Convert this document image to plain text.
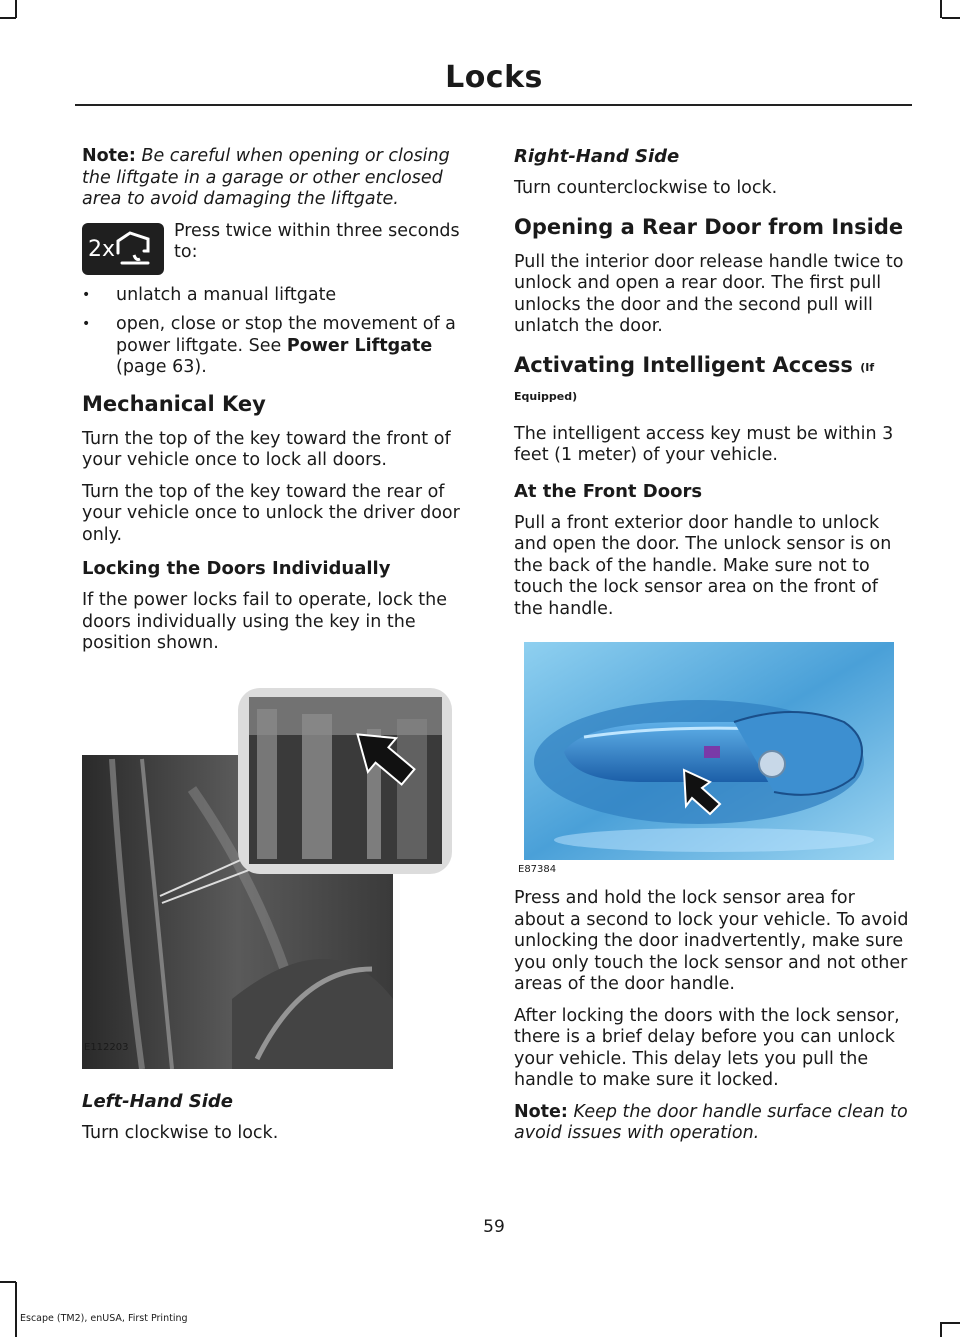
Locks

Note: Be careful when opening or closing the liftgate in a garage or other enclosed area to avoid damaging the liftgate.

2x

Press twice within three seconds to:

• unlatch a manual liftgate
• open, close or stop the movement of a power liftgate. See Power Liftgate (page 63).
Mechanical Key

Turn the top of the key toward the front of your vehicle once to lock all doors.

Turn the top of the key toward the rear of your vehicle once to unlock the driver door only.

Locking the Doors Individually

If the power locks fail to operate, lock the doors individually using the key in the position shown.

E112203
Left-Hand Side

Turn clockwise to lock.

Right-Hand Side

Turn counterclockwise to lock.

Opening a Rear Door from Inside

Pull the interior door release handle twice to unlock and open a rear door. The first pull unlocks the door and the second pull will unlatch the door.

Activating Intelligent Access (If Equipped)

The intelligent access key must be within 3 feet (1 meter) of your vehicle.

At the Front Doors

Pull a front exterior door handle to unlock and open the door. The unlock sensor is on the back of the handle. Make sure not to touch the lock sensor area on the front of the handle.

E87384

Press and hold the lock sensor area for about a second to lock your vehicle. To avoid unlocking the door inadvertently, make sure you only touch the lock sensor and not other areas of the door handle.

After locking the doors with the lock sensor, there is a brief delay before you can unlock your vehicle. This delay lets you pull the handle to make sure it locked.

Note: Keep the door handle surface clean to avoid issues with operation.

59
Escape (TM2), enUSA, First Printing
